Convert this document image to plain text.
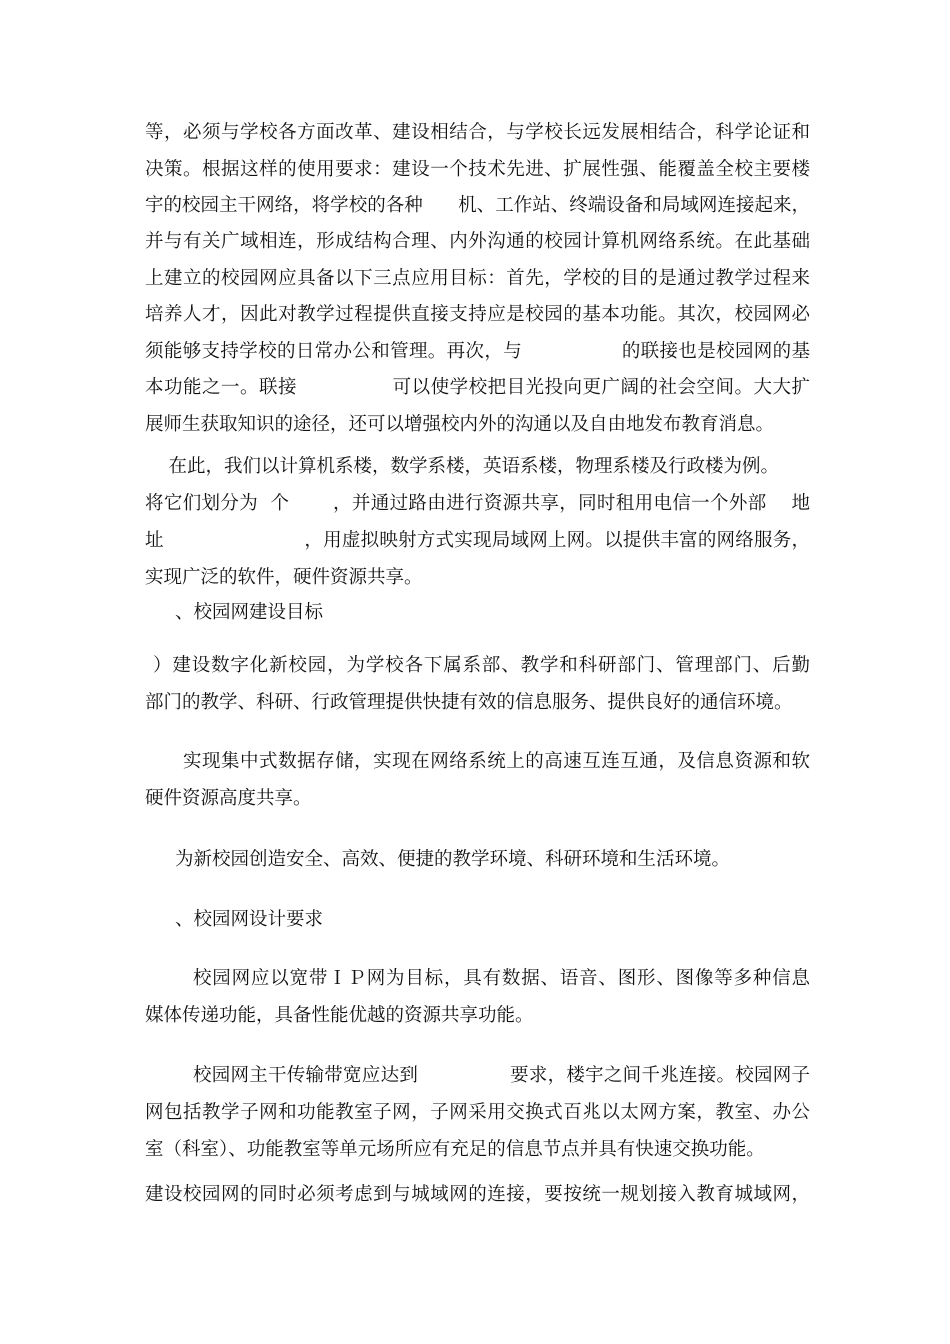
等，必须与学校各方面改革、建设相结合，与学校长远发展相结合，科学论证和
决策。根据这样的使用要求：建设一个技术先进、扩展性强、能覆盖全校主要楼
宇的校园主干网络，将学校的各种      机、工作站、终端设备和局域网连接起来，
并与有关广域相连，形成结构合理、内外沟通的校园计算机网络系统。在此基础
上建立的校园网应具备以下三点应用目标：首先，学校的目的是通过教学过程来
培养人才，因此对教学过程提供直接支持应是校园的基本功能。其次，校园网必
须能够支持学校的日常办公和管理。再次，与                的联接也是校园网的基
本功能之一。联接               可以使学校把目光投向更广阔的社会空间。大大扩
展师生获取知识的途径，还可以增强校内外的沟通以及自由地发布教育消息。
在此，我们以计算机系楼，数学系楼，英语系楼，物理系楼及行政楼为例。
将它们划分为  个       ，并通过路由进行资源共享，同时租用电信一个外部    地
址                       ，用虚拟映射方式实现局域网上网。以提供丰富的网络服务，
实现广泛的软件，硬件资源共享。
、校园网建设目标
）建设数字化新校园，为学校各下属系部、教学和科研部门、管理部门、后勤
部门的教学、科研、行政管理提供快捷有效的信息服务、提供良好的通信环境。
实现集中式数据存储，实现在网络系统上的高速互连互通，及信息资源和软
硬件资源高度共享。
为新校园创造安全、高效、便捷的教学环境、科研环境和生活环境。
、校园网设计要求
校园网应以宽带ＩＰ网为目标，具有数据、语音、图形、图像等多种信息
媒体传递功能，具备性能优越的资源共享功能。
校园网主干传输带宽应达到               要求，楼宇之间千兆连接。校园网子
网包括教学子网和功能教室子网，子网采用交换式百兆以太网方案，教室、办公
室（科室）、功能教室等单元场所应有充足的信息节点并具有快速交换功能。
建设校园网的同时必须考虑到与城域网的连接，要按统一规划接入教育城域网，
